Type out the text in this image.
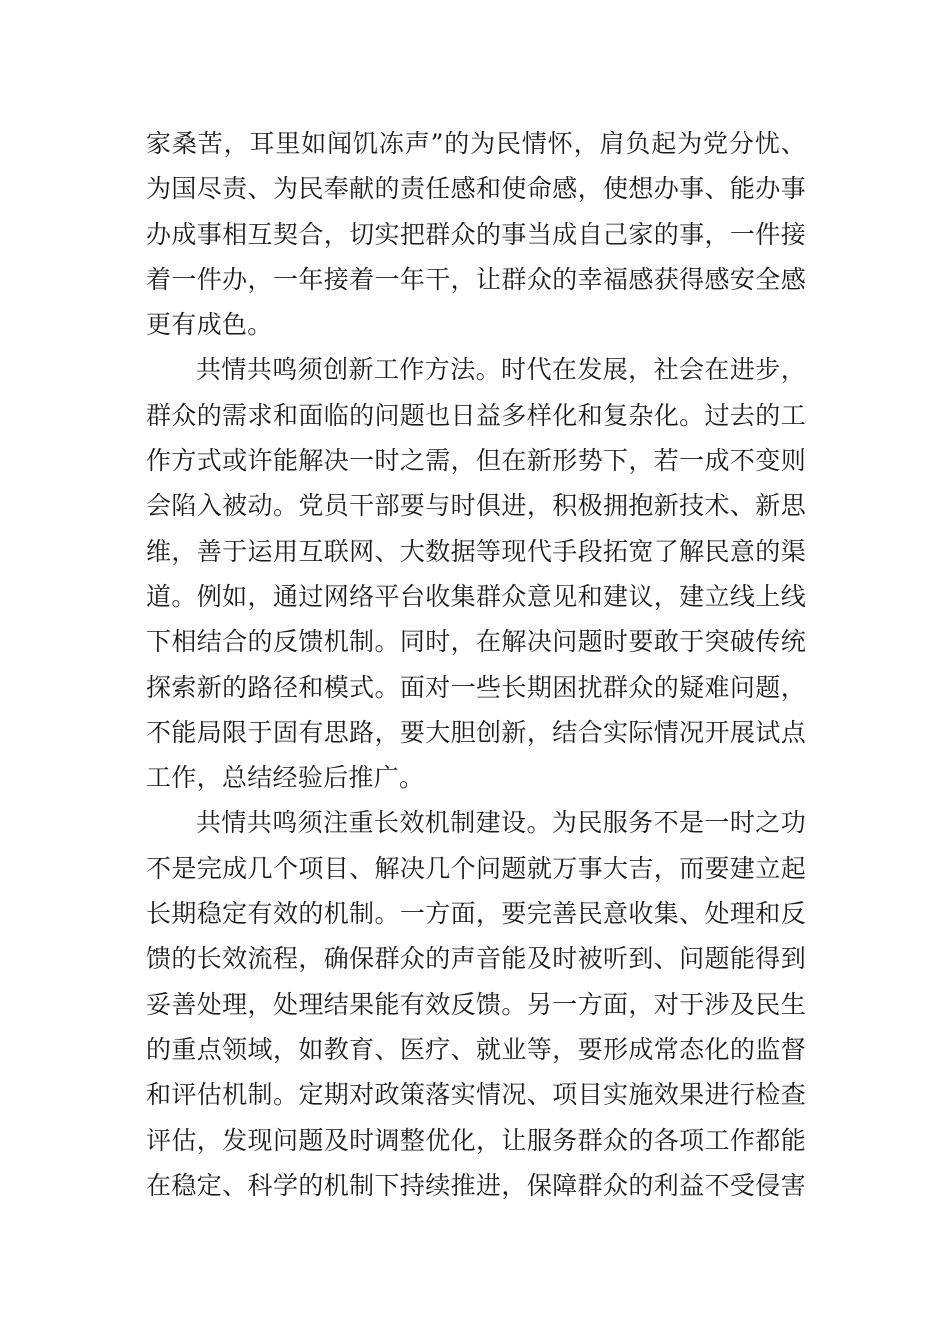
家桑苦，耳里如闻饥冻声”的为民情怀，肩负起为党分忧、
为国尽责、为民奉献的责任感和使命感，使想办事、能办事
办成事相互契合，切实把群众的事当成自己家的事，一件接
着一件办，一年接着一年干，让群众的幸福感获得感安全感
更有成色。
共情共鸣须创新工作方法。时代在发展，社会在进步，
群众的需求和面临的问题也日益多样化和复杂化。过去的工
作方式或许能解决一时之需，但在新形势下，若一成不变则
会陷入被动。党员干部要与时俱进，积极拥抱新技术、新思
维，善于运用互联网、大数据等现代手段拓宽了解民意的渠
道。例如，通过网络平台收集群众意见和建议，建立线上线
下相结合的反馈机制。同时，在解决问题时要敢于突破传统
探索新的路径和模式。面对一些长期困扰群众的疑难问题，
不能局限于固有思路，要大胆创新，结合实际情况开展试点
工作，总结经验后推广。
共情共鸣须注重长效机制建设。为民服务不是一时之功
不是完成几个项目、解决几个问题就万事大吉，而要建立起
长期稳定有效的机制。一方面，要完善民意收集、处理和反
馈的长效流程，确保群众的声音能及时被听到、问题能得到
妥善处理，处理结果能有效反馈。另一方面，对于涉及民生
的重点领域，如教育、医疗、就业等，要形成常态化的监督
和评估机制。定期对政策落实情况、项目实施效果进行检查
评估，发现问题及时调整优化，让服务群众的各项工作都能
在稳定、科学的机制下持续推进，保障群众的利益不受侵害
